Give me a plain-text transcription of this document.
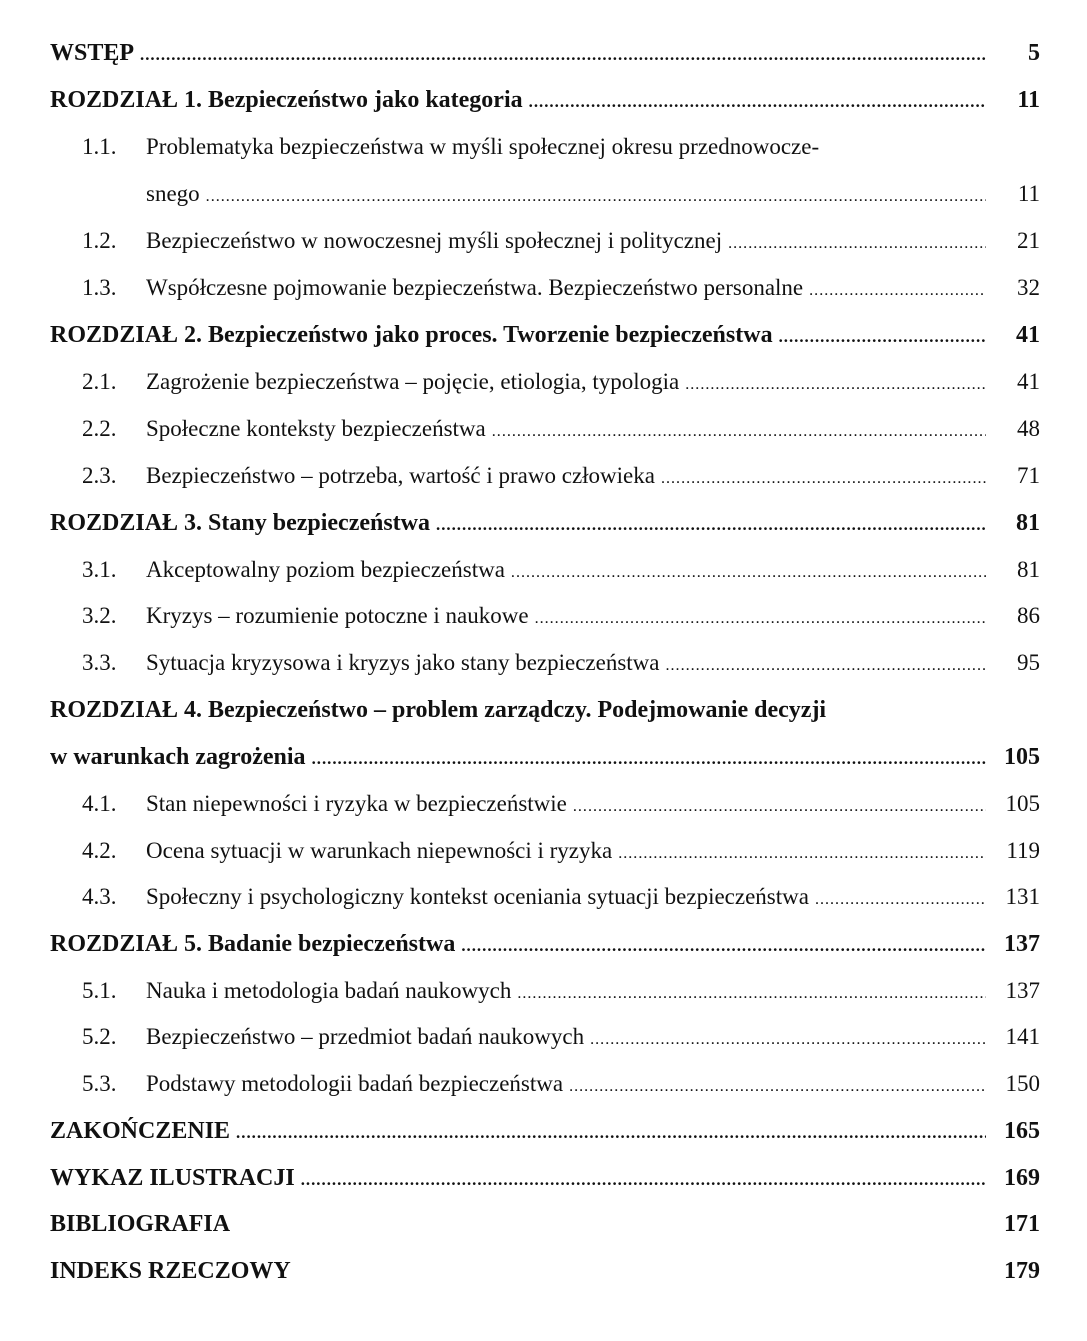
WSTĘP .....	5
ROZDZIAŁ 1. Bezpieczeństwo jako kategoria .....	11
1.1.	Problematyka bezpieczeństwa w myśli społecznej okresu przednowocze-
snego .....	11
1.2.	Bezpieczeństwo w nowoczesnej myśli społecznej i politycznej .....	21
1.3.	Współczesne pojmowanie bezpieczeństwa. Bezpieczeństwo personalne .....	32
ROZDZIAŁ 2. Bezpieczeństwo jako proces. Tworzenie bezpieczeństwa .....	41
2.1.	Zagrożenie bezpieczeństwa – pojęcie, etiologia, typologia .....	41
2.2.	Społeczne konteksty bezpieczeństwa .....	48
2.3.	Bezpieczeństwo – potrzeba, wartość i prawo człowieka .....	71
ROZDZIAŁ 3. Stany bezpieczeństwa .....	81
3.1.	Akceptowalny poziom bezpieczeństwa .....	81
3.2.	Kryzys – rozumienie potoczne i naukowe .....	86
3.3.	Sytuacja kryzysowa i kryzys jako stany bezpieczeństwa .....	95
ROZDZIAŁ 4. Bezpieczeństwo – problem zarządczy. Podejmowanie decyzji
w warunkach zagrożenia .....	105
4.1.	Stan niepewności i ryzyka w bezpieczeństwie .....	105
4.2.	Ocena sytuacji w warunkach niepewności i ryzyka .....	119
4.3.	Społeczny i psychologiczny kontekst oceniania sytuacji bezpieczeństwa .....	131
ROZDZIAŁ 5. Badanie bezpieczeństwa .....	137
5.1.	Nauka i metodologia badań naukowych .....	137
5.2.	Bezpieczeństwo – przedmiot badań naukowych .....	141
5.3.	Podstawy metodologii badań bezpieczeństwa .....	150
ZAKOŃCZENIE .....	165
WYKAZ ILUSTRACJI .....	169
BIBLIOGRAFIA	171
INDEKS RZECZOWY	179
